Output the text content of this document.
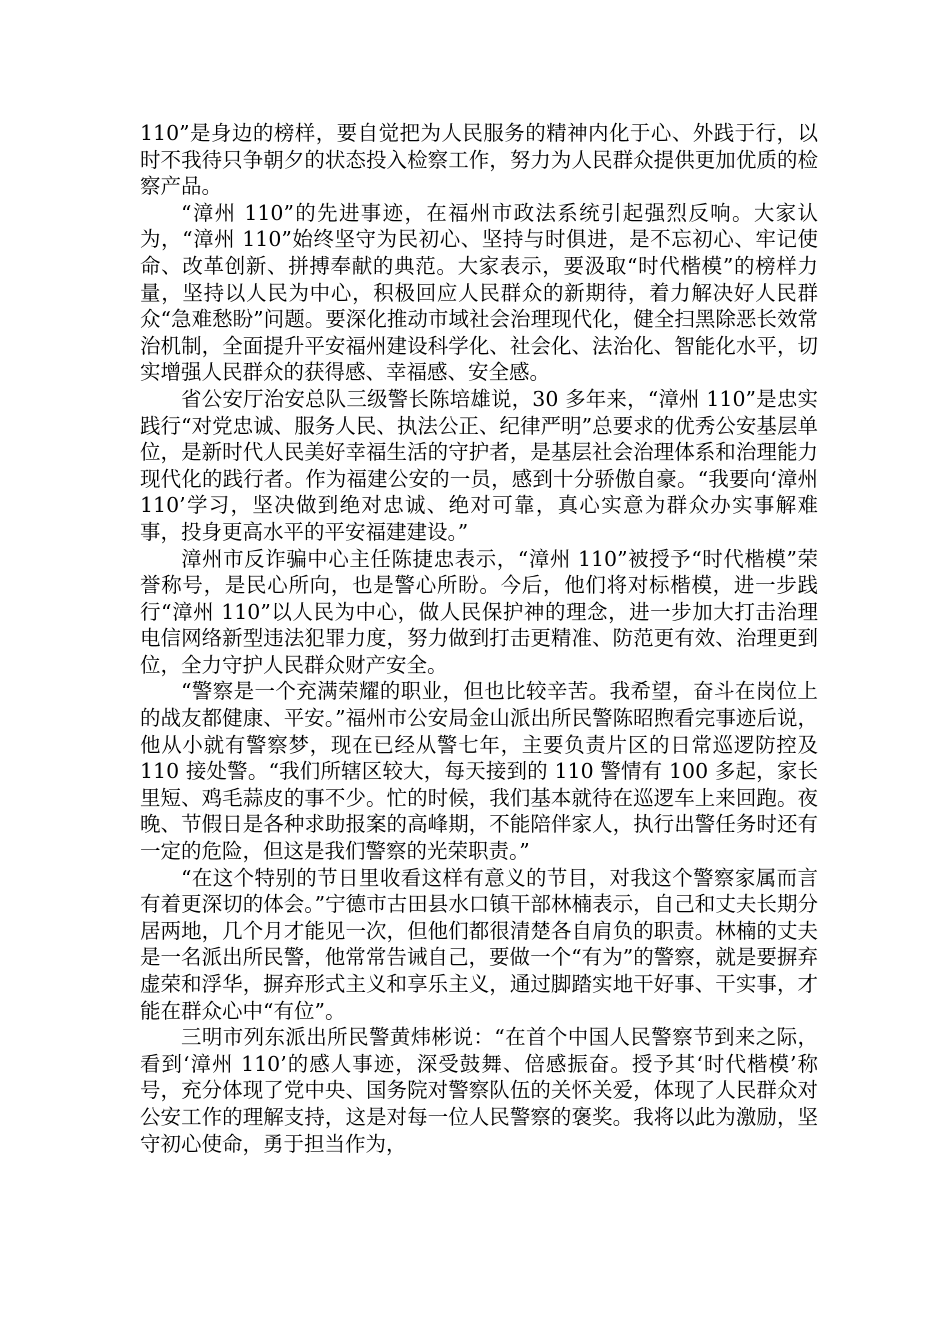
110”是身边的榜样，要自觉把为人民服务的精神内化于心、外践于行，以时不我待只争朝夕的状态投入检察工作，努力为人民群众提供更加优质的检察产品。

“漳州 110”的先进事迹，在福州市政法系统引起强烈反响。大家认为，“漳州 110”始终坚守为民初心、坚持与时俱进，是不忘初心、牢记使命、改革创新、拼搏奉献的典范。大家表示，要汲取“时代楷模”的榜样力量，坚持以人民为中心，积极回应人民群众的新期待，着力解决好人民群众“急难愁盼”问题。要深化推动市域社会治理现代化，健全扫黑除恶长效常治机制，全面提升平安福州建设科学化、社会化、法治化、智能化水平，切实增强人民群众的获得感、幸福感、安全感。

省公安厅治安总队三级警长陈培雄说，30 多年来，“漳州 110”是忠实践行“对党忠诚、服务人民、执法公正、纪律严明”总要求的优秀公安基层单位，是新时代人民美好幸福生活的守护者，是基层社会治理体系和治理能力现代化的践行者。作为福建公安的一员，感到十分骄傲自豪。“我要向‘漳州 110’学习，坚决做到绝对忠诚、绝对可靠，真心实意为群众办实事解难事，投身更高水平的平安福建建设。”

漳州市反诈骗中心主任陈捷忠表示，“漳州 110”被授予“时代楷模”荣誉称号，是民心所向，也是警心所盼。今后，他们将对标楷模，进一步践行“漳州 110”以人民为中心，做人民保护神的理念，进一步加大打击治理电信网络新型违法犯罪力度，努力做到打击更精准、防范更有效、治理更到位，全力守护人民群众财产安全。

“警察是一个充满荣耀的职业，但也比较辛苦。我希望，奋斗在岗位上的战友都健康、平安。”福州市公安局金山派出所民警陈昭煦看完事迹后说，他从小就有警察梦，现在已经从警七年，主要负责片区的日常巡逻防控及 110 接处警。“我们所辖区较大，每天接到的 110 警情有 100 多起，家长里短、鸡毛蒜皮的事不少。忙的时候，我们基本就待在巡逻车上来回跑。夜晚、节假日是各种求助报案的高峰期，不能陪伴家人，执行出警任务时还有一定的危险，但这是我们警察的光荣职责。”

“在这个特别的节日里收看这样有意义的节目，对我这个警察家属而言有着更深切的体会。”宁德市古田县水口镇干部林楠表示，自己和丈夫长期分居两地，几个月才能见一次，但他们都很清楚各自肩负的职责。林楠的丈夫是一名派出所民警，他常常告诫自己，要做一个“有为”的警察，就是要摒弃虚荣和浮华，摒弃形式主义和享乐主义，通过脚踏实地干好事、干实事，才能在群众心中“有位”。

三明市列东派出所民警黄炜彬说：“在首个中国人民警察节到来之际，看到‘漳州 110’的感人事迹，深受鼓舞、倍感振奋。授予其‘时代楷模’称号，充分体现了党中央、国务院对警察队伍的关怀关爱，体现了人民群众对公安工作的理解支持，这是对每一位人民警察的褒奖。我将以此为激励，坚守初心使命，勇于担当作为，
